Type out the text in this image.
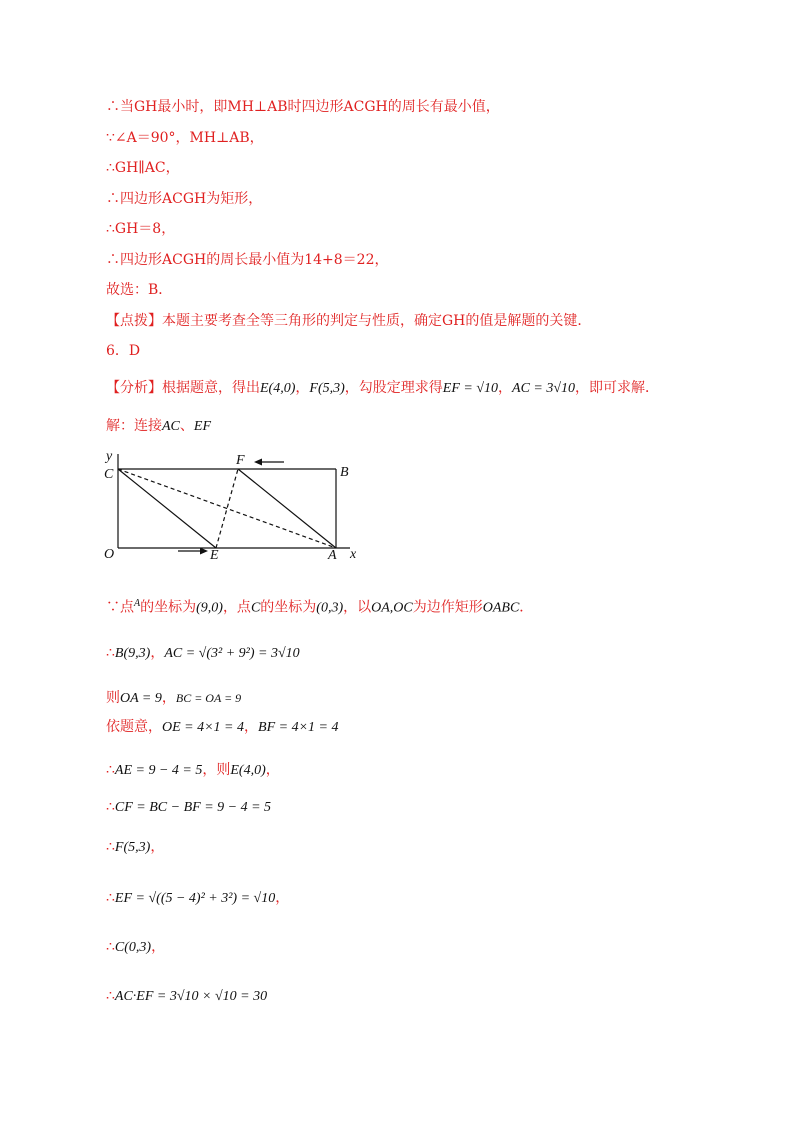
∴当GH最小时，即MH⊥AB时四边形ACGH的周长有最小值，
∵∠A＝90°，MH⊥AB，
∴GH∥AC，
∴四边形ACGH为矩形，
∴GH＝8，
∴四边形ACGH的周长最小值为14+8＝22，
故选：B．
【点拨】本题主要考查全等三角形的判定与性质，确定GH的值是解题的关键．
6．D
【分析】根据题意，得出E(4,0)，F(5,3)，勾股定理求得EF = √10，AC = 3√10，即可求解．
解：连接AC、EF
y
x
O
C
F
B
E	A
∵点$^A$的坐标为(9,0)，点C的坐标为(0,3)，以OA,OC为边作矩形OABC．
∴B(9,3)，AC = √(3² + 9²) = 3√10
则OA = 9，BC = OA = 9
依题意，OE = 4×1 = 4，BF = 4×1 = 4
∴AE = 9 − 4 = 5，则E(4,0)，
∴CF = BC − BF = 9 − 4 = 5
∴F(5,3)，
∴EF = √((5 − 4)² + 3²) = √10，
∴C(0,3)，
∴AC·EF = 3√10 × √10 = 30
